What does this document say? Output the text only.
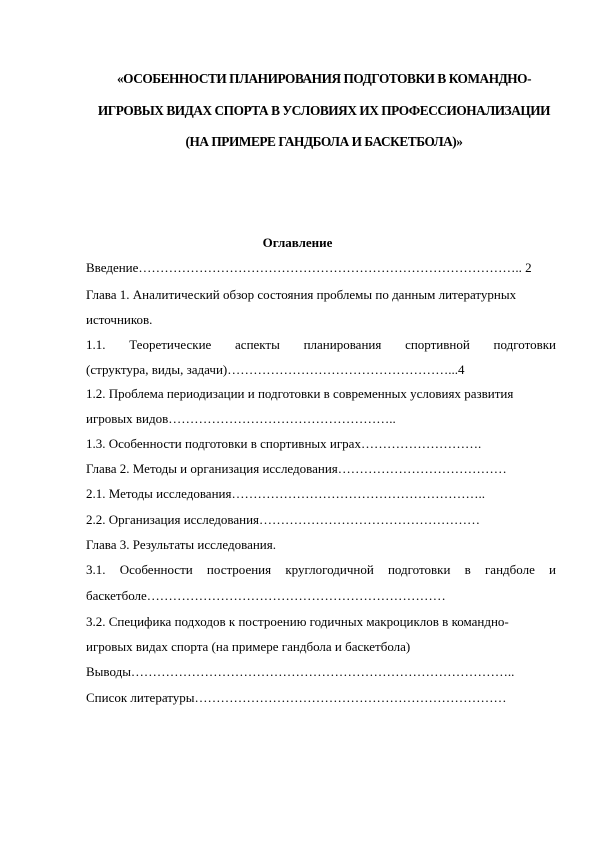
«ОСОБЕННОСТИ ПЛАНИРОВАНИЯ ПОДГОТОВКИ В КОМАНДНО-
ИГРОВЫХ ВИДАХ СПОРТА В УСЛОВИЯХ ИХ ПРОФЕССИОНАЛИЗАЦИИ
(НА ПРИМЕРЕ ГАНДБОЛА И БАСКЕТБОЛА)»
Оглавление
Введение…………………………………………………………………………….. 2
Глава 1. Аналитический обзор состояния проблемы по данным литературных
источников.
1.1. Теоретические аспекты планирования спортивной подготовки
(структура, виды, задачи)……………………………………………...4
1.2. Проблема периодизации и подготовки в современных условиях развития
игровых видов……………………………………………..
1.3. Особенности подготовки в спортивных играх……………………….
Глава 2. Методы и организация исследования…………………………………
2.1. Методы исследования…………………………………………………..
2.2. Организация исследования……………………………………………
Глава 3. Результаты исследования.
3.1. Особенности построения круглогодичной подготовки в гандболе и
баскетболе……………………………………………………………
3.2. Специфика подходов к построению годичных макроциклов в командно-
игровых видах спорта (на примере гандбола и баскетбола)
Выводы……………………………………………………………………………..
Список литературы………………………………………………………………
